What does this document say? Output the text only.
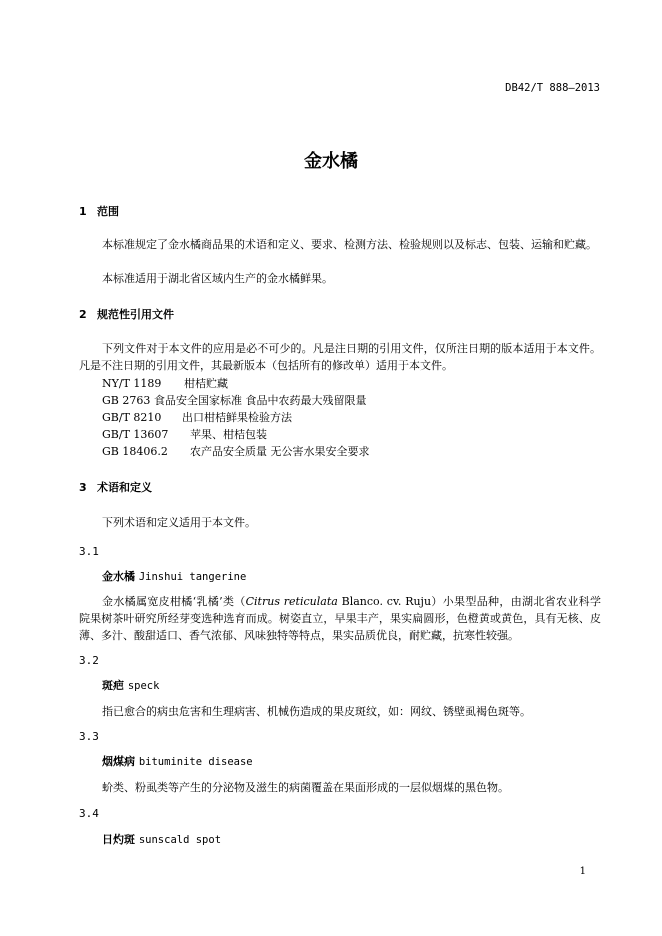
DB42/T 888—2013
金水橘
1 范围
本标准规定了金水橘商品果的术语和定义、要求、检测方法、检验规则以及标志、包装、运输和贮藏。
本标准适用于湖北省区域内生产的金水橘鲜果。
2 规范性引用文件
下列文件对于本文件的应用是必不可少的。凡是注日期的引用文件，仅所注日期的版本适用于本文件。凡是不注日期的引用文件，其最新版本（包括所有的修改单）适用于本文件。
NY/T 1189 柑桔贮藏
GB 2763 食品安全国家标准 食品中农药最大残留限量
GB/T 8210 出口柑桔鲜果检验方法
GB/T 13607 苹果、柑桔包装
GB 18406.2 农产品安全质量 无公害水果安全要求
3 术语和定义
下列术语和定义适用于本文件。
3.1
金水橘 Jinshui tangerine
金水橘属宽皮柑橘‘乳橘’类（Citrus reticulata Blanco. cv. Ruju）小果型品种，由湖北省农业科学院果树茶叶研究所经芽变选种选育而成。树姿直立，早果丰产，果实扁圆形，色橙黄或黄色，具有无核、皮薄、多汁、酸甜适口、香气浓郁、风味独特等特点，果实品质优良，耐贮藏，抗寒性较强。
3.2
斑疤 speck
指已愈合的病虫危害和生理病害、机械伤造成的果皮斑纹，如：网纹、锈壁虱褐色斑等。
3.3
烟煤病 bituminite disease
蚧类、粉虱类等产生的分泌物及滋生的病菌覆盖在果面形成的一层似烟煤的黑色物。
3.4
日灼斑 sunscald spot
1
